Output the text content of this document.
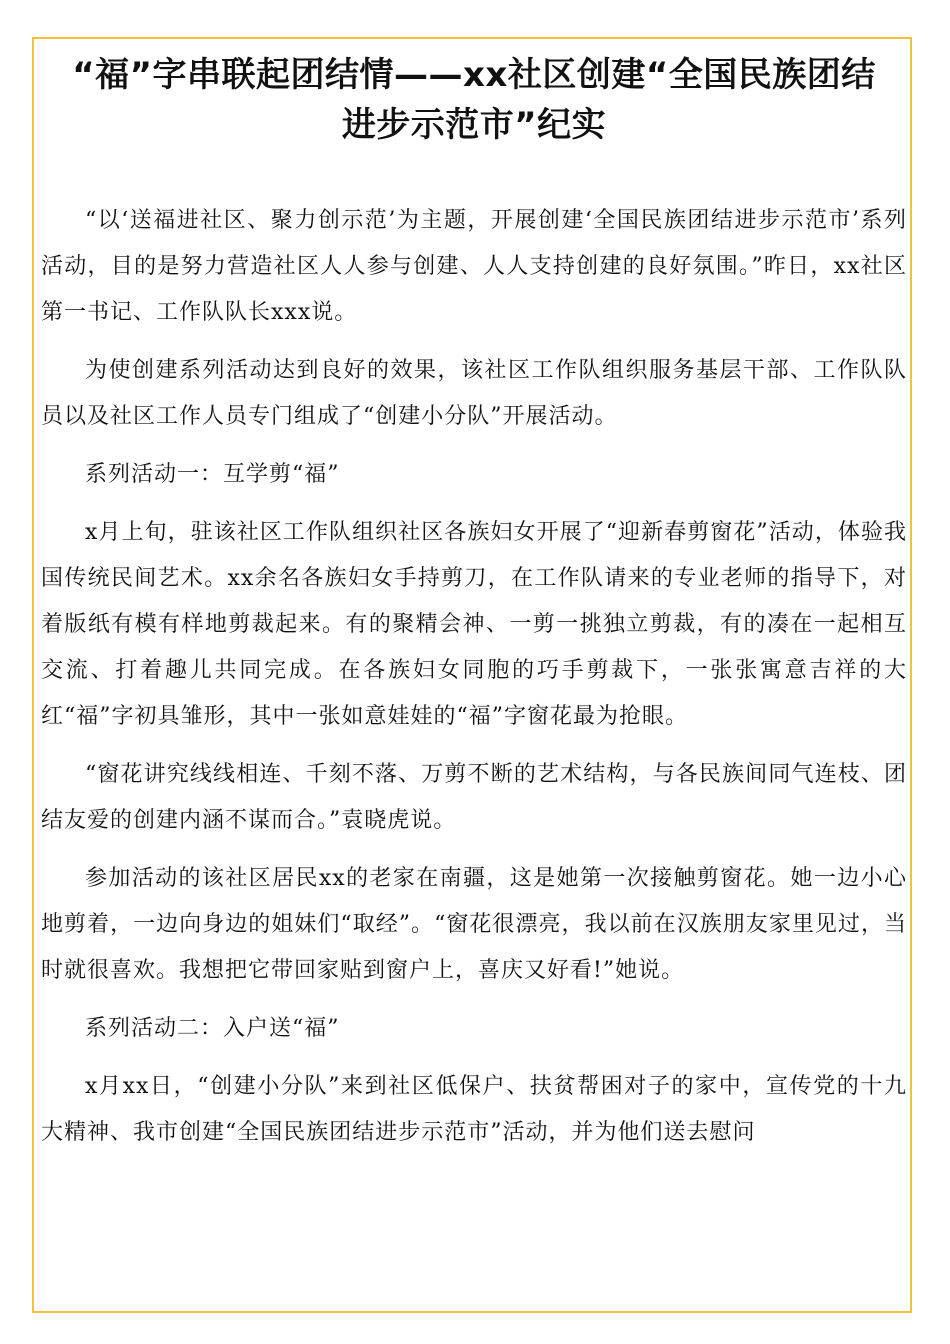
“福”字串联起团结情——xx社区创建“全国民族团结
进步示范市”纪实

“以‘送福进社区、聚力创示范’为主题，开展创建‘全国民族团结进步示范市’系列活动，目的是努力营造社区人人参与创建、人人支持创建的良好氛围。”昨日，xx社区第一书记、工作队队长xxx说。

为使创建系列活动达到良好的效果，该社区工作队组织服务基层干部、工作队队员以及社区工作人员专门组成了“创建小分队”开展活动。

系列活动一：互学剪“福”

x月上旬，驻该社区工作队组织社区各族妇女开展了“迎新春剪窗花”活动，体验我国传统民间艺术。xx余名各族妇女手持剪刀，在工作队请来的专业老师的指导下，对着版纸有模有样地剪裁起来。有的聚精会神、一剪一挑独立剪裁，有的凑在一起相互交流、打着趣儿共同完成。在各族妇女同胞的巧手剪裁下，一张张寓意吉祥的大红“福”字初具雏形，其中一张如意娃娃的“福”字窗花最为抢眼。

“窗花讲究线线相连、千刻不落、万剪不断的艺术结构，与各民族间同气连枝、团结友爱的创建内涵不谋而合。”袁晓虎说。

参加活动的该社区居民xx的老家在南疆，这是她第一次接触剪窗花。她一边小心地剪着，一边向身边的姐妹们“取经”。“窗花很漂亮，我以前在汉族朋友家里见过，当时就很喜欢。我想把它带回家贴到窗户上，喜庆又好看!”她说。

系列活动二：入户送“福”

x月xx日，“创建小分队”来到社区低保户、扶贫帮困对子的家中，宣传党的十九大精神、我市创建“全国民族团结进步示范市”活动，并为他们送去慰问
